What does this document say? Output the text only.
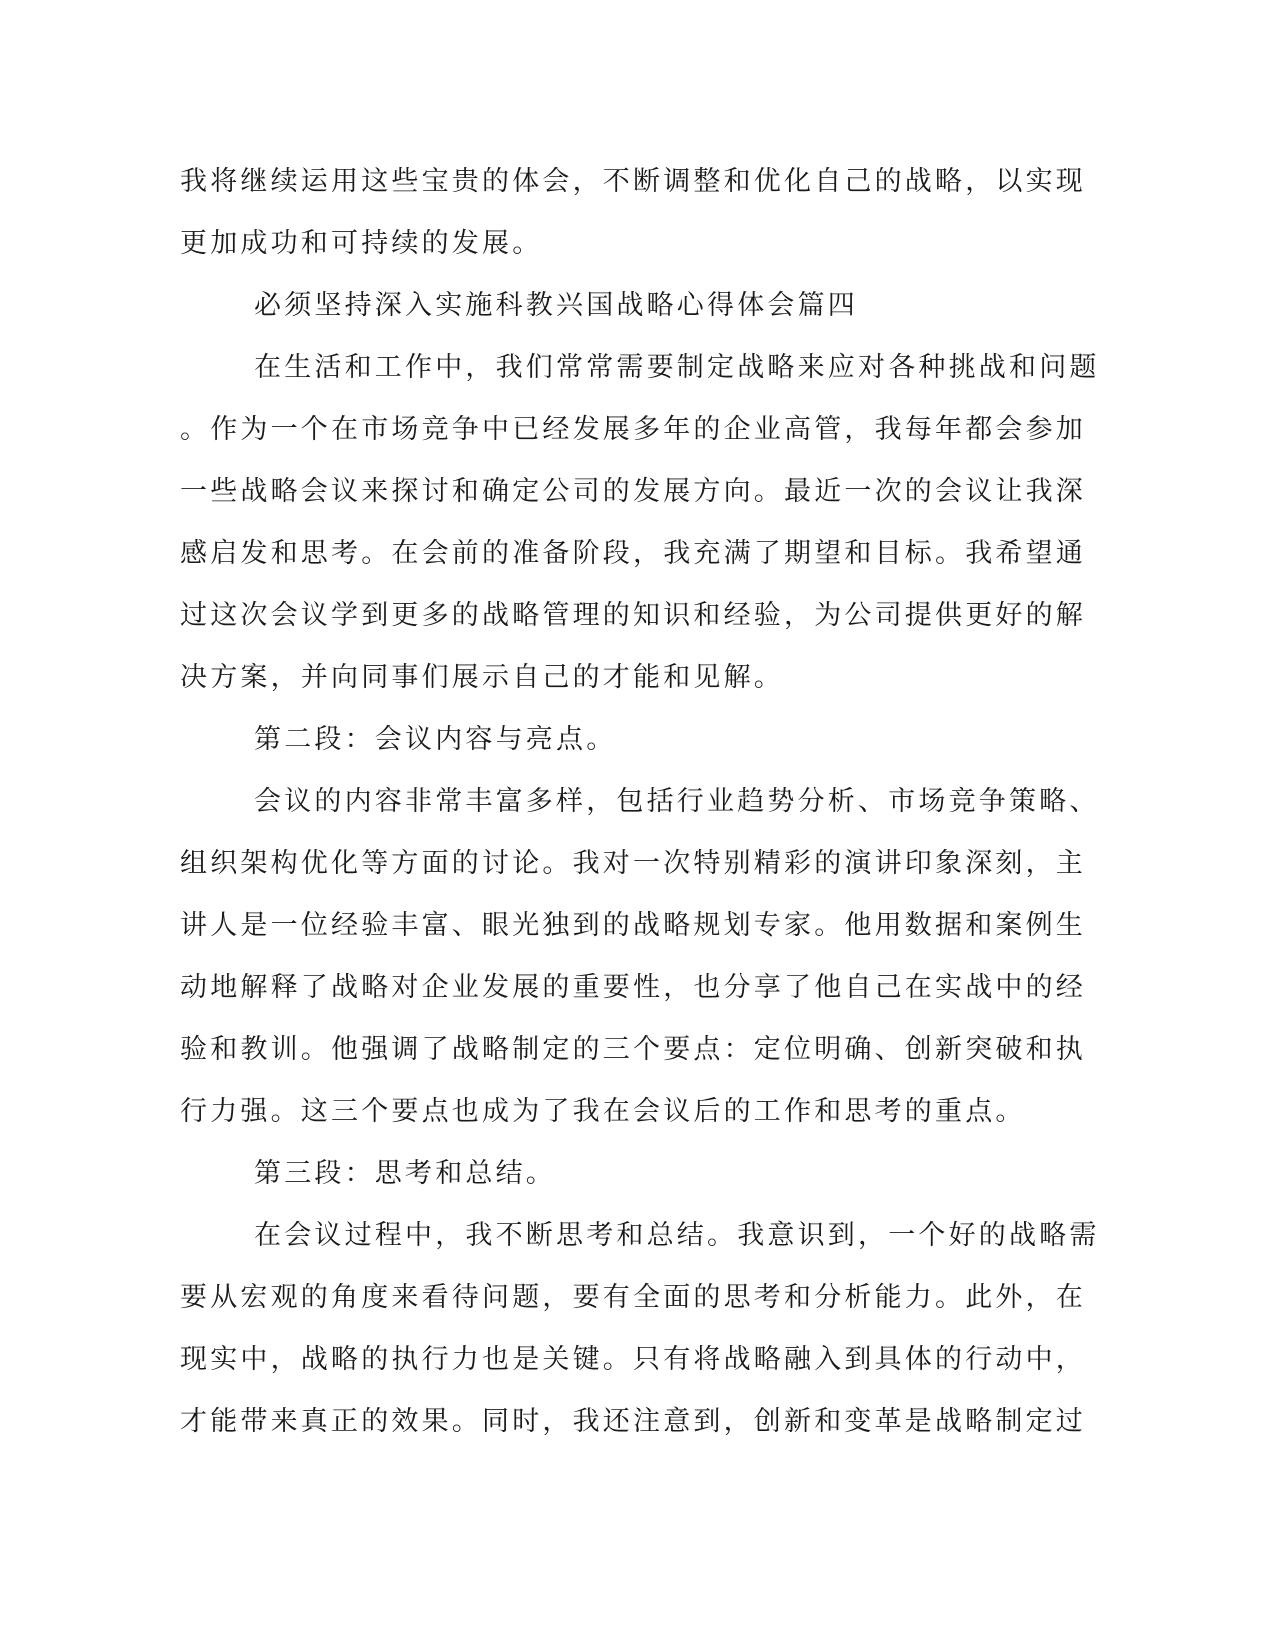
我将继续运用这些宝贵的体会，不断调整和优化自己的战略，以实现
更加成功和可持续的发展。
必须坚持深入实施科教兴国战略心得体会篇四
在生活和工作中，我们常常需要制定战略来应对各种挑战和问题
。作为一个在市场竞争中已经发展多年的企业高管，我每年都会参加
一些战略会议来探讨和确定公司的发展方向。最近一次的会议让我深
感启发和思考。在会前的准备阶段，我充满了期望和目标。我希望通
过这次会议学到更多的战略管理的知识和经验，为公司提供更好的解
决方案，并向同事们展示自己的才能和见解。
第二段：会议内容与亮点。
会议的内容非常丰富多样，包括行业趋势分析、市场竞争策略、
组织架构优化等方面的讨论。我对一次特别精彩的演讲印象深刻，主
讲人是一位经验丰富、眼光独到的战略规划专家。他用数据和案例生
动地解释了战略对企业发展的重要性，也分享了他自己在实战中的经
验和教训。他强调了战略制定的三个要点：定位明确、创新突破和执
行力强。这三个要点也成为了我在会议后的工作和思考的重点。
第三段：思考和总结。
在会议过程中，我不断思考和总结。我意识到，一个好的战略需
要从宏观的角度来看待问题，要有全面的思考和分析能力。此外，在
现实中，战略的执行力也是关键。只有将战略融入到具体的行动中，
才能带来真正的效果。同时，我还注意到，创新和变革是战略制定过
